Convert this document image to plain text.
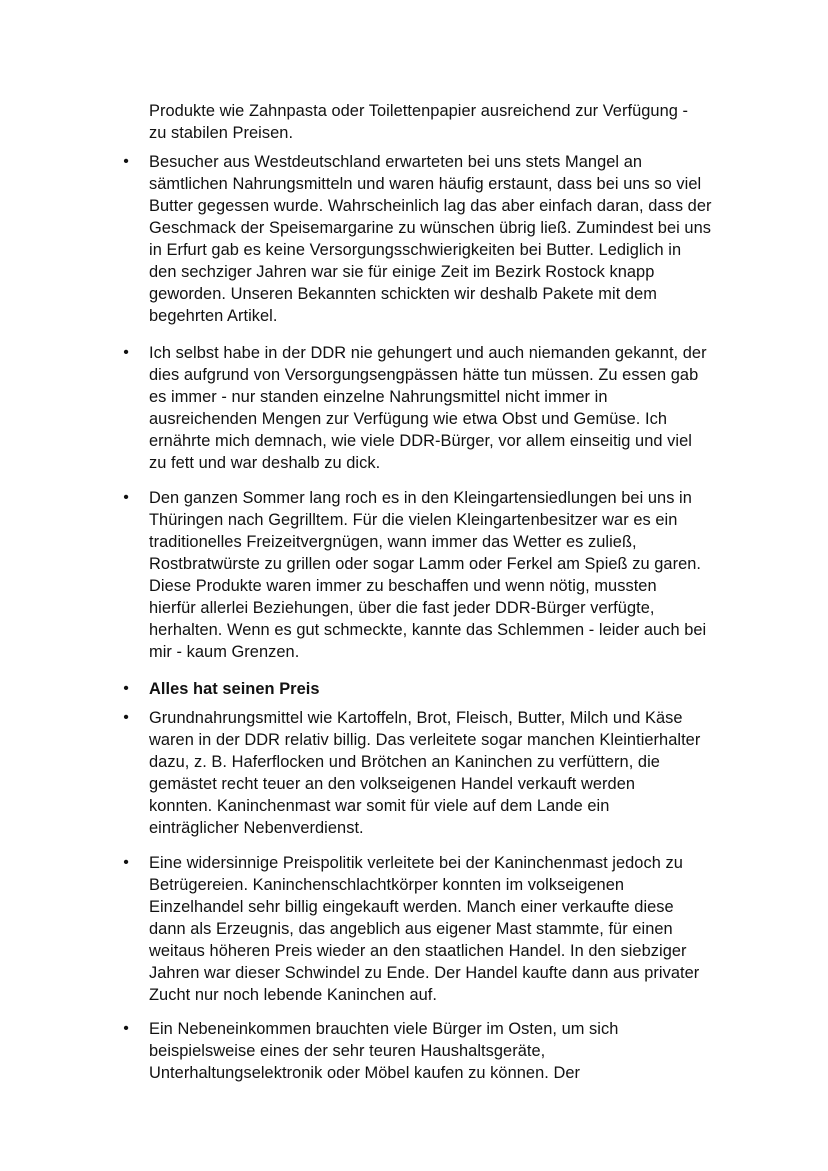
Produkte wie Zahnpasta oder Toilettenpapier ausreichend zur Verfügung -
zu stabilen Preisen.
• Besucher aus Westdeutschland erwarteten bei uns stets Mangel an
sämtlichen Nahrungsmitteln und waren häufig erstaunt, dass bei uns so viel
Butter gegessen wurde. Wahrscheinlich lag das aber einfach daran, dass der
Geschmack der Speisemargarine zu wünschen übrig ließ. Zumindest bei uns
in Erfurt gab es keine Versorgungsschwierigkeiten bei Butter. Lediglich in
den sechziger Jahren war sie für einige Zeit im Bezirk Rostock knapp
geworden. Unseren Bekannten schickten wir deshalb Pakete mit dem
begehrten Artikel.
• Ich selbst habe in der DDR nie gehungert und auch niemanden gekannt, der
dies aufgrund von Versorgungsengpässen hätte tun müssen. Zu essen gab
es immer - nur standen einzelne Nahrungsmittel nicht immer in
ausreichenden Mengen zur Verfügung wie etwa Obst und Gemüse. Ich
ernährte mich demnach, wie viele DDR-Bürger, vor allem einseitig und viel
zu fett und war deshalb zu dick.
• Den ganzen Sommer lang roch es in den Kleingartensiedlungen bei uns in
Thüringen nach Gegrilltem. Für die vielen Kleingartenbesitzer war es ein
traditionelles Freizeitvergnügen, wann immer das Wetter es zuließ,
Rostbratwürste zu grillen oder sogar Lamm oder Ferkel am Spieß zu garen.
Diese Produkte waren immer zu beschaffen und wenn nötig, mussten
hierfür allerlei Beziehungen, über die fast jeder DDR-Bürger verfügte,
herhalten. Wenn es gut schmeckte, kannte das Schlemmen - leider auch bei
mir - kaum Grenzen.
• Alles hat seinen Preis
• Grundnahrungsmittel wie Kartoffeln, Brot, Fleisch, Butter, Milch und Käse
waren in der DDR relativ billig. Das verleitete sogar manchen Kleintierhalter
dazu, z. B. Haferflocken und Brötchen an Kaninchen zu verfüttern, die
gemästet recht teuer an den volkseigenen Handel verkauft werden
konnten. Kaninchenmast war somit für viele auf dem Lande ein
einträglicher Nebenverdienst.
• Eine widersinnige Preispolitik verleitete bei der Kaninchenmast jedoch zu
Betrügereien. Kaninchenschlachtkörper konnten im volkseigenen
Einzelhandel sehr billig eingekauft werden. Manch einer verkaufte diese
dann als Erzeugnis, das angeblich aus eigener Mast stammte, für einen
weitaus höheren Preis wieder an den staatlichen Handel. In den siebziger
Jahren war dieser Schwindel zu Ende. Der Handel kaufte dann aus privater
Zucht nur noch lebende Kaninchen auf.
• Ein Nebeneinkommen brauchten viele Bürger im Osten, um sich
beispielsweise eines der sehr teuren Haushaltsgeräte,
Unterhaltungselektronik oder Möbel kaufen zu können. Der
